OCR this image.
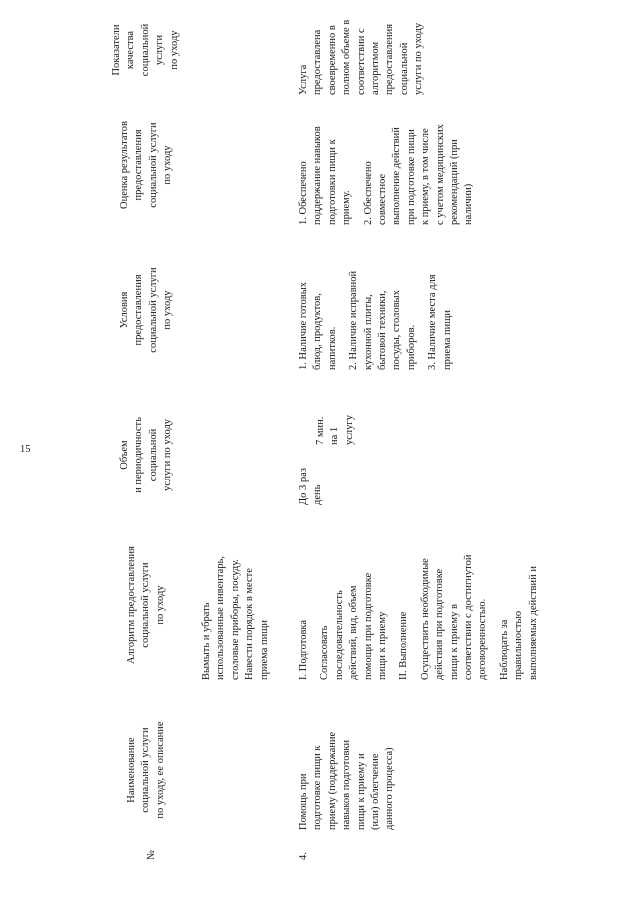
15
№
Наименование социальной услуги по уходу, ее описание
Алгоритм предоставления социальной услуги по уходу
Объем и периодичность социальной услуги по уходу
Условия предоставления социальной услуги по уходу
Оценка результатов предоставления социальной услуги по уходу
Показатели качества социальной услуги по уходу
Вымыть и убрать использованные инвентарь, столовые приборы, посуду. Навести порядок в месте приема пищи
4.
Помощь при подготовке пищи к приему (поддержание навыков подготовки пищи к приему и (или) облегчение данного процесса)
I. Подготовка Согласовать последовательность действий, вид, объем помощи при подготовке пищи к приему II. Выполнение Осуществить необходимые действия при подготовке пищи к приему в соответствии с достигнутой договоренностью. Наблюдать за правильностью выполняемых действий и
До 3 раз день
7 мин. на 1 услугу
1. Наличие готовых блюд, продуктов, напитков. 2. Наличие исправной кухонной плиты, бытовой техники, посуды, столовых приборов. 3. Наличие места для приема пищи
1. Обеспечено поддержание навыков подготовки пищи к приему. 2. Обеспечено совместное выполнение действий при подготовке пищи к приему, в том числе с учетом медицинских рекомендаций (при наличии)
Услуга предоставлена своевременно в полном объеме в соответствии с алгоритмом предоставления социальной услуги по уходу
